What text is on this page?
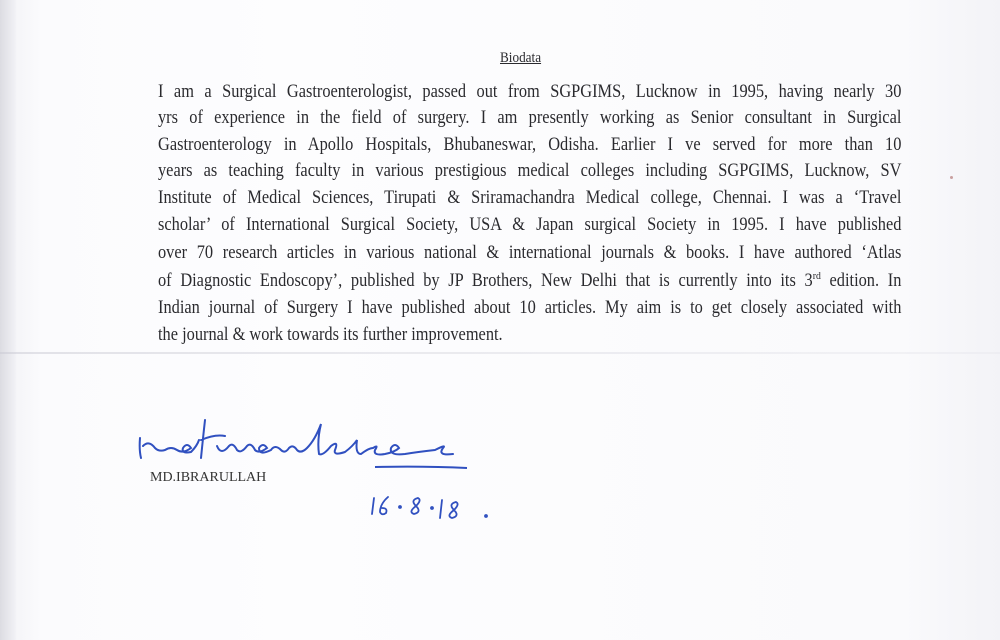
Biodata
I am a Surgical Gastroenterologist, passed out from SGPGIMS, Lucknow in 1995, having nearly 30
yrs of experience in the field of surgery. I am presently working as Senior consultant in Surgical
Gastroenterology in Apollo Hospitals, Bhubaneswar, Odisha. Earlier I ve served for more than 10
years as teaching faculty in various prestigious medical colleges including SGPGIMS, Lucknow, SV
Institute of Medical Sciences, Tirupati & Sriramachandra Medical college, Chennai. I was a ‘Travel
scholar’ of International Surgical Society, USA & Japan surgical Society in 1995. I have published
over 70 research articles in various national & international journals & books. I have authored ‘Atlas
of Diagnostic Endoscopy’, published by JP Brothers, New Delhi that is currently into its 3rd edition. In
Indian journal of Surgery I have published about 10 articles. My aim is to get closely associated with
the journal & work towards its further improvement.
MD.IBRARULLAH
